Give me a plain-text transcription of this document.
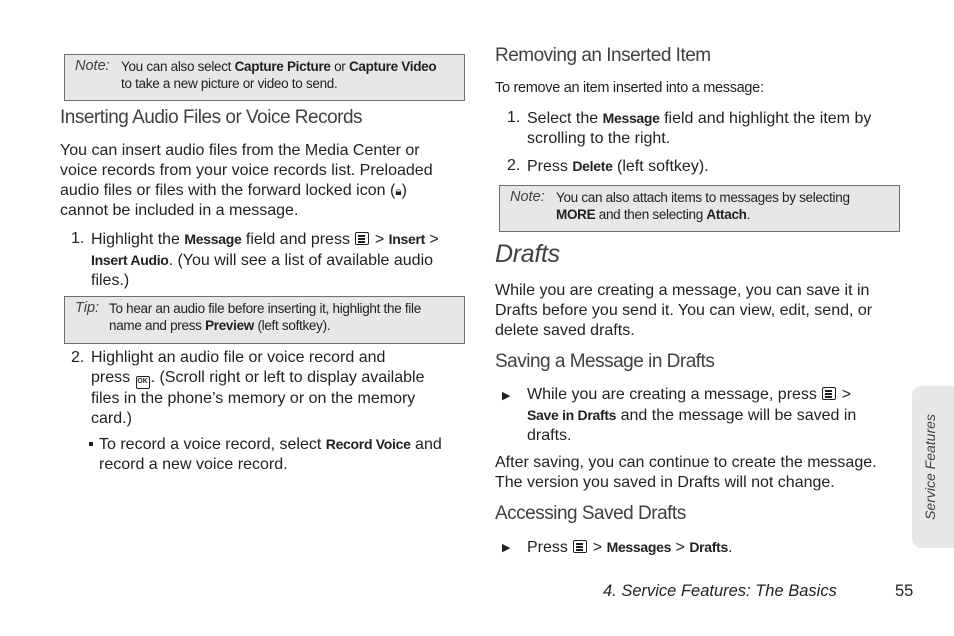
Note: You can also select Capture Picture or Capture Video
to take a new picture or video to send.
Inserting Audio Files or Voice Records
You can insert audio files from the Media Center or
voice records from your voice records list. Preloaded
audio files or files with the forward locked icon (🔒︎)
cannot be included in a message.
1. Highlight the Message field and press  > Insert >
Insert Audio. (You will see a list of available audio
files.)
Tip: To hear an audio file before inserting it, highlight the file
name and press Preview (left softkey).
2. Highlight an audio file or voice record and
press OK . (Scroll right or left to display available
files in the phone’s memory or on the memory
card.)
To record a voice record, select Record Voice and
record a new voice record.
Removing an Inserted Item
To remove an item inserted into a message:
1. Select the Message field and highlight the item by
scrolling to the right.
2. Press Delete (left softkey).
Note: You can also attach items to messages by selecting
MORE and then selecting Attach.
Drafts
While you are creating a message, you can save it in
Drafts before you send it. You can view, edit, send, or
delete saved drafts.
Saving a Message in Drafts
▶ While you are creating a message, press  >
Save in Drafts and the message will be saved in
drafts.
After saving, you can continue to create the message.
The version you saved in Drafts will not change.
Accessing Saved Drafts
▶ Press  > Messages > Drafts.
Service Features
4. Service Features: The Basics	55
